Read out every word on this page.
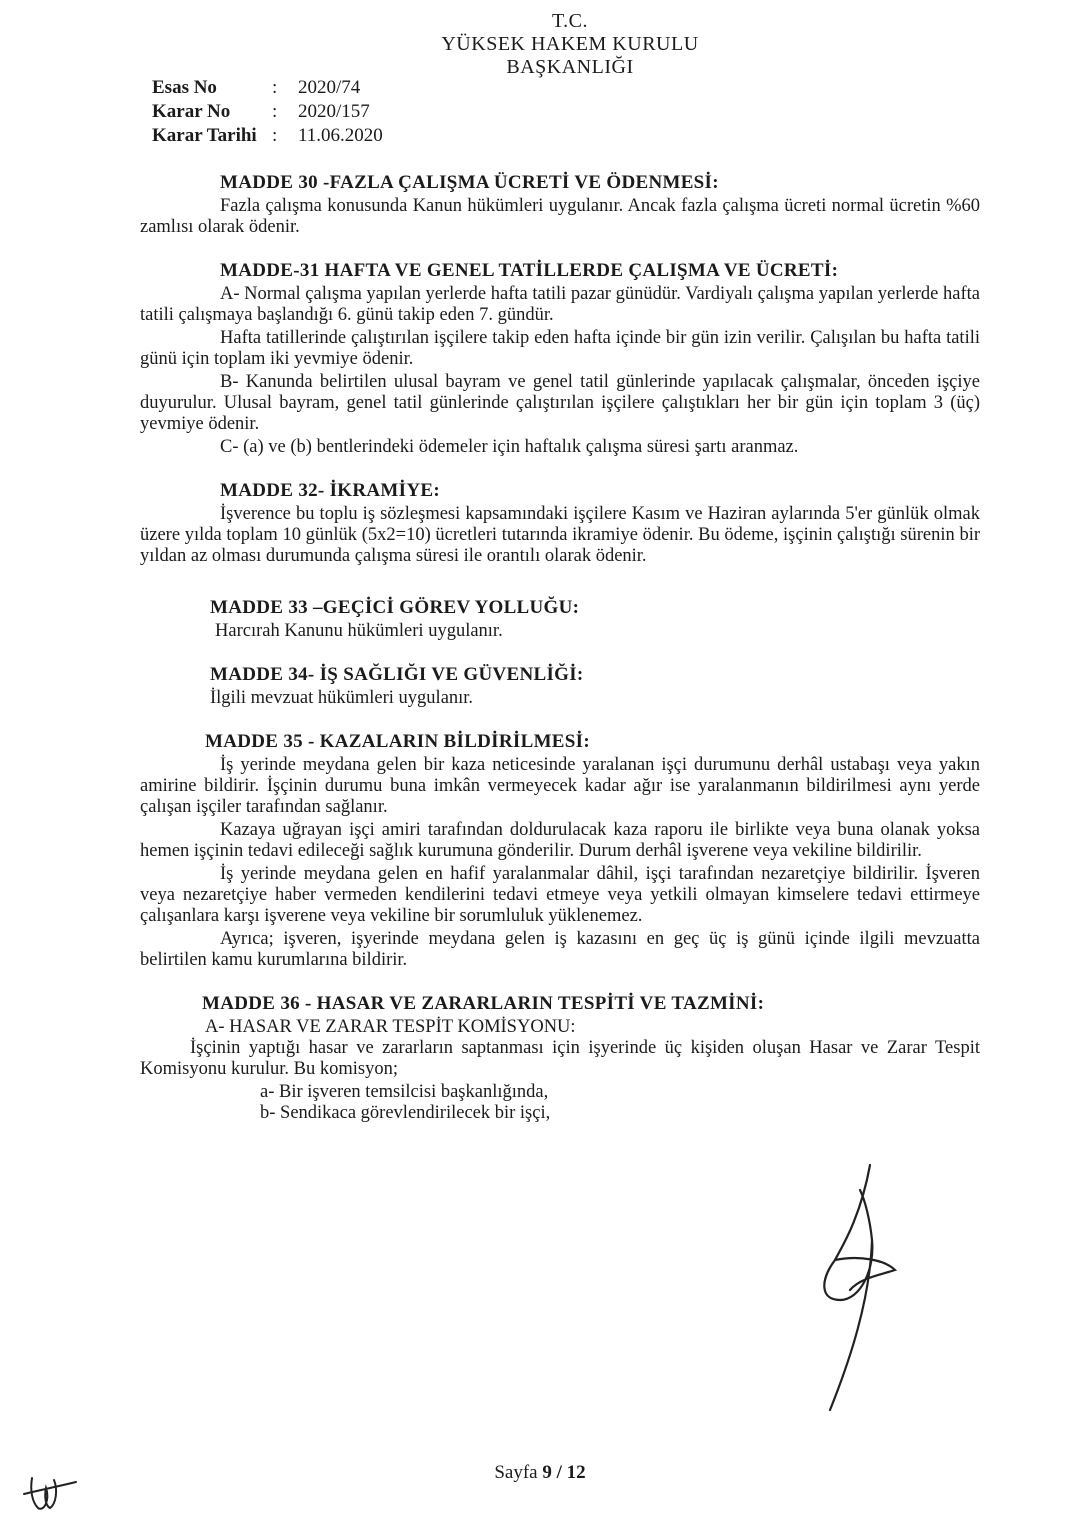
T.C.
YÜKSEK HAKEM KURULU
BAŞKANLIĞI
Esas No	:	2020/74
Karar No	:	2020/157
Karar Tarihi :	11.06.2020
MADDE 30 -FAZLA ÇALIŞMA ÜCRETİ VE ÖDENMESİ:

Fazla çalışma konusunda Kanun hükümleri uygulanır. Ancak fazla çalışma ücreti normal ücretin %60 zamlısı olarak ödenir.

MADDE-31 HAFTA VE GENEL TATİLLERDE ÇALIŞMA VE ÜCRETİ:

A- Normal çalışma yapılan yerlerde hafta tatili pazar günüdür. Vardiyalı çalışma yapılan yerlerde hafta tatili çalışmaya başlandığı 6. günü takip eden 7. gündür.

Hafta tatillerinde çalıştırılan işçilere takip eden hafta içinde bir gün izin verilir. Çalışılan bu hafta tatili günü için toplam iki yevmiye ödenir.

B- Kanunda belirtilen ulusal bayram ve genel tatil günlerinde yapılacak çalışmalar, önceden işçiye duyurulur. Ulusal bayram, genel tatil günlerinde çalıştırılan işçilere çalıştıkları her bir gün için toplam 3 (üç) yevmiye ödenir.

C- (a) ve (b) bentlerindeki ödemeler için haftalık çalışma süresi şartı aranmaz.

MADDE 32- İKRAMİYE:

İşverence bu toplu iş sözleşmesi kapsamındaki işçilere Kasım ve Haziran aylarında 5'er günlük olmak üzere yılda toplam 10 günlük (5x2=10) ücretleri tutarında ikramiye ödenir. Bu ödeme, işçinin çalıştığı sürenin bir yıldan az olması durumunda çalışma süresi ile orantılı olarak ödenir.

MADDE 33 –GEÇİCİ GÖREV YOLLUĞU:

Harcırah Kanunu hükümleri uygulanır.

MADDE 34- İŞ SAĞLIĞI VE GÜVENLİĞİ:

İlgili mevzuat hükümleri uygulanır.

MADDE 35 - KAZALARIN BİLDİRİLMESİ:

İş yerinde meydana gelen bir kaza neticesinde yaralanan işçi durumunu derhâl ustabaşı veya yakın amirine bildirir. İşçinin durumu buna imkân vermeyecek kadar ağır ise yaralanmanın bildirilmesi aynı yerde çalışan işçiler tarafından sağlanır.

Kazaya uğrayan işçi amiri tarafından doldurulacak kaza raporu ile birlikte veya buna olanak yoksa hemen işçinin tedavi edileceği sağlık kurumuna gönderilir. Durum derhâl işverene veya vekiline bildirilir.

İş yerinde meydana gelen en hafif yaralanmalar dâhil, işçi tarafından nezaretçiye bildirilir. İşveren veya nezaretçiye haber vermeden kendilerini tedavi etmeye veya yetkili olmayan kimselere tedavi ettirmeye çalışanlara karşı işverene veya vekiline bir sorumluluk yüklenemez.

Ayrıca; işveren, işyerinde meydana gelen iş kazasını en geç üç iş günü içinde ilgili mevzuatta belirtilen kamu kurumlarına bildirir.

MADDE 36 - HASAR VE ZARARLARIN TESPİTİ VE TAZMİNİ:
A- HASAR VE ZARAR TESPİT KOMİSYONU:

İşçinin yaptığı hasar ve zararların saptanması için işyerinde üç kişiden oluşan Hasar ve Zarar Tespit Komisyonu kurulur. Bu komisyon;

a- Bir işveren temsilcisi başkanlığında,
b- Sendikaca görevlendirilecek bir işçi,
Sayfa 9 / 12
